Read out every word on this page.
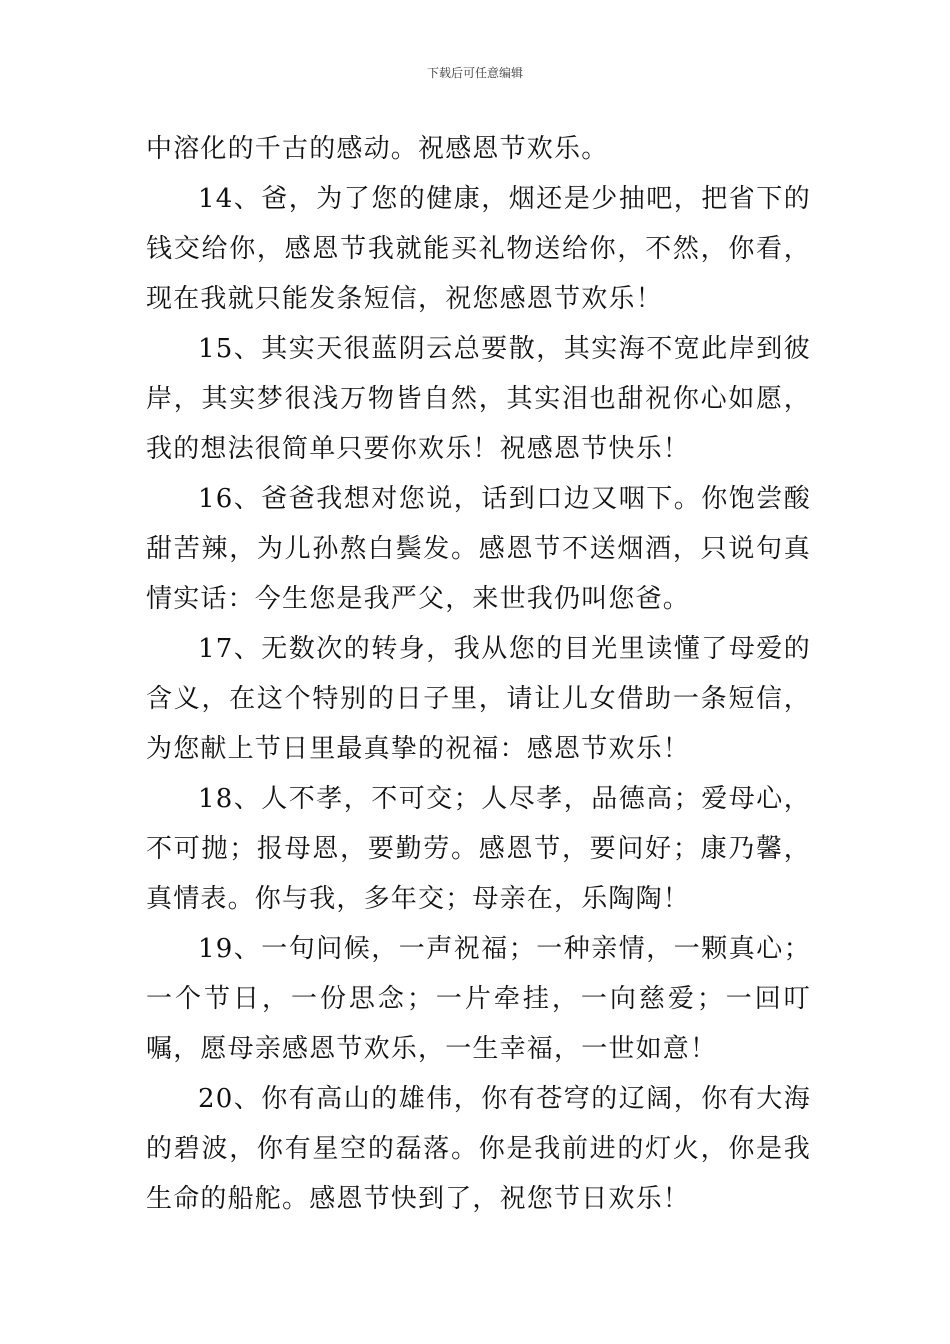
下载后可任意编辑

中溶化的千古的感动。祝感恩节欢乐。

14、爸，为了您的健康，烟还是少抽吧，把省下的钱交给你，感恩节我就能买礼物送给你，不然，你看，现在我就只能发条短信，祝您感恩节欢乐！

15、其实天很蓝阴云总要散，其实海不宽此岸到彼岸，其实梦很浅万物皆自然，其实泪也甜祝你心如愿，我的想法很简单只要你欢乐！祝感恩节快乐！

16、爸爸我想对您说，话到口边又咽下。你饱尝酸甜苦辣，为儿孙熬白鬓发。感恩节不送烟酒，只说句真情实话：今生您是我严父，来世我仍叫您爸。

17、无数次的转身，我从您的目光里读懂了母爱的含义，在这个特别的日子里，请让儿女借助一条短信，为您献上节日里最真挚的祝福：感恩节欢乐！

18、人不孝，不可交；人尽孝，品德高；爱母心，不可抛；报母恩，要勤劳。感恩节，要问好；康乃馨，真情表。你与我，多年交；母亲在，乐陶陶！

19、一句问候，一声祝福；一种亲情，一颗真心；一个节日，一份思念；一片牵挂，一向慈爱；一回叮嘱，愿母亲感恩节欢乐，一生幸福，一世如意！

20、你有高山的雄伟，你有苍穹的辽阔，你有大海的碧波，你有星空的磊落。你是我前进的灯火，你是我生命的船舵。感恩节快到了，祝您节日欢乐！
